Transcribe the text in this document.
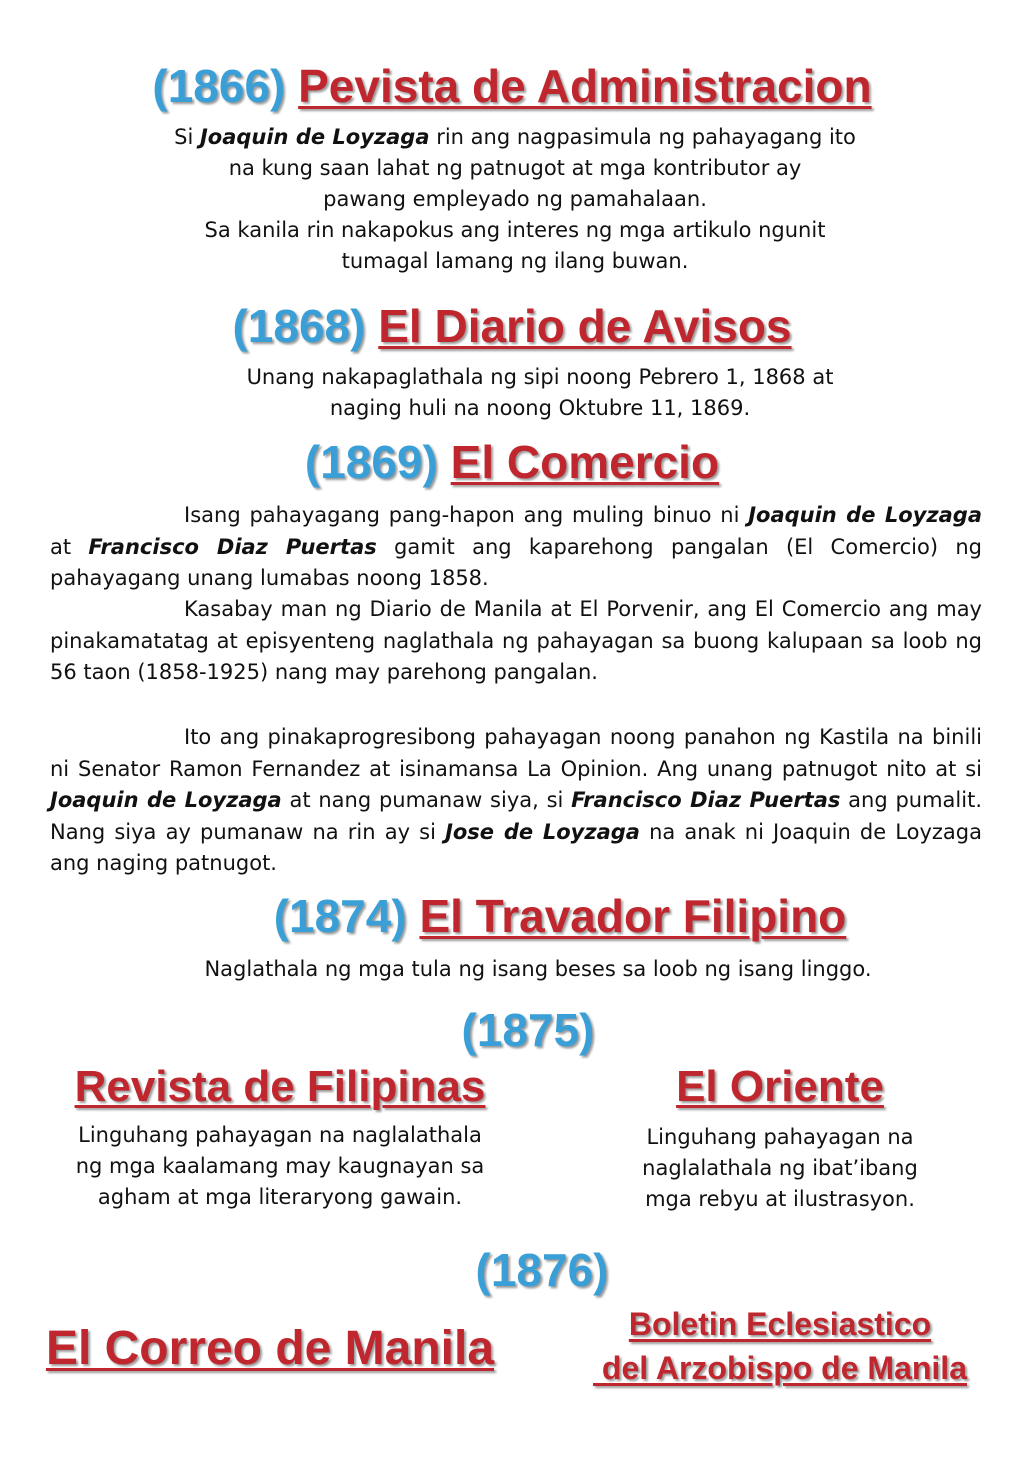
(1866) Pevista de Administracion
Si Joaquin de Loyzaga rin ang nagpasimula ng pahayagang ito
na kung saan lahat ng patnugot at mga kontributor ay
pawang empleyado ng pamahalaan.
Sa kanila rin nakapokus ang interes ng mga artikulo ngunit
tumagal lamang ng ilang buwan.
(1868) El Diario de Avisos
Unang nakapaglathala ng sipi noong Pebrero 1, 1868 at
naging huli na noong Oktubre 11, 1869.
(1869) El Comercio
Isang pahayagang pang-hapon ang muling binuo ni Joaquin de Loyzaga at Francisco Diaz Puertas gamit ang kaparehong pangalan (El Comercio) ng pahayagang unang lumabas noong 1858.
Kasabay man ng Diario de Manila at El Porvenir, ang El Comercio ang may pinakamatatag at episyenteng naglathala ng pahayagan sa buong kalupaan sa loob ng 56 taon (1858-1925) nang may parehong pangalan.
Ito ang pinakaprogresibong pahayagan noong panahon ng Kastila na binili ni Senator Ramon Fernandez at isinamansa La Opinion. Ang unang patnugot nito at si Joaquin de Loyzaga at nang pumanaw siya, si Francisco Diaz Puertas ang pumalit. Nang siya ay pumanaw na rin ay si Jose de Loyzaga na anak ni Joaquin de Loyzaga ang naging patnugot.
(1874) El Travador Filipino
Naglathala ng mga tula ng isang beses sa loob ng isang linggo.
(1875)
Revista de Filipinas
Linguhang pahayagan na naglalathala
ng mga kaalamang may kaugnayan sa
agham at mga literaryong gawain.
El Oriente
Linguhang pahayagan na
naglalathala ng ibat’ibang
mga rebyu at ilustrasyon.
(1876)
El Correo de Manila	Boletin Eclesiastico
del Arzobispo de Manila
